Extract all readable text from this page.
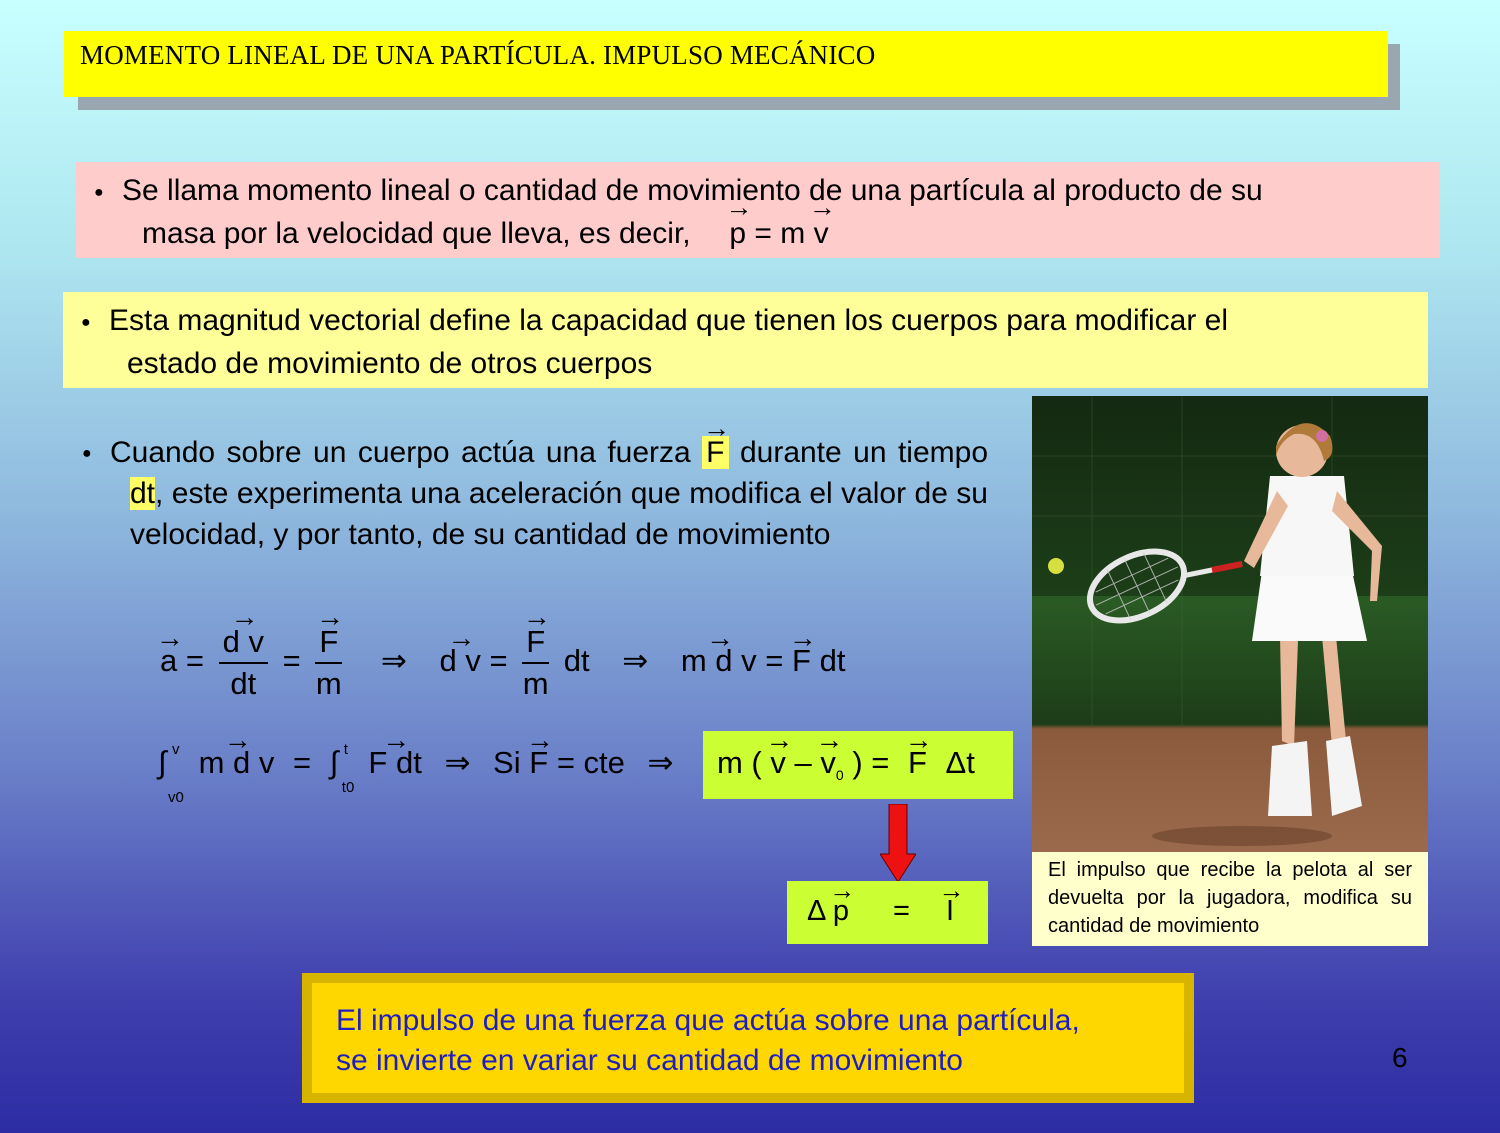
MOMENTO LINEAL DE UNA PARTÍCULA. IMPULSO MECÁNICO
● Se llama momento lineal o cantidad de movimiento de una partícula al producto de su
masa por la velocidad que lleva, es decir, → p = m → v
● Esta magnitud vectorial define la capacidad que tienen los cuerpos para modificar el
estado de movimiento de otros cuerpos
● Cuando sobre un cuerpo actúa una fuerza → F durante un tiempo dt, este experimenta una aceleración que modifica el valor de su velocidad, y por tanto, de su cantidad de movimiento
→ a = → $\frac{\text{d v}}{dt}$ = → $\frac{F}{m}$ ⇒ → d v = → $\frac{F}{m}$ dt ⇒ → m d v = → F dt
∫ v
v0
→ m d v = ∫ t
t0
→ F dt ⇒ Si → F = cte ⇒	m ( → v – → $v_0$ ) = → F Δt
Δ → p = → I
El impulso que recibe la pelota al ser devuelta por la jugadora, modifica su cantidad de movimiento
El impulso de una fuerza que actúa sobre una partícula,
se invierte en variar su cantidad de movimiento	6
